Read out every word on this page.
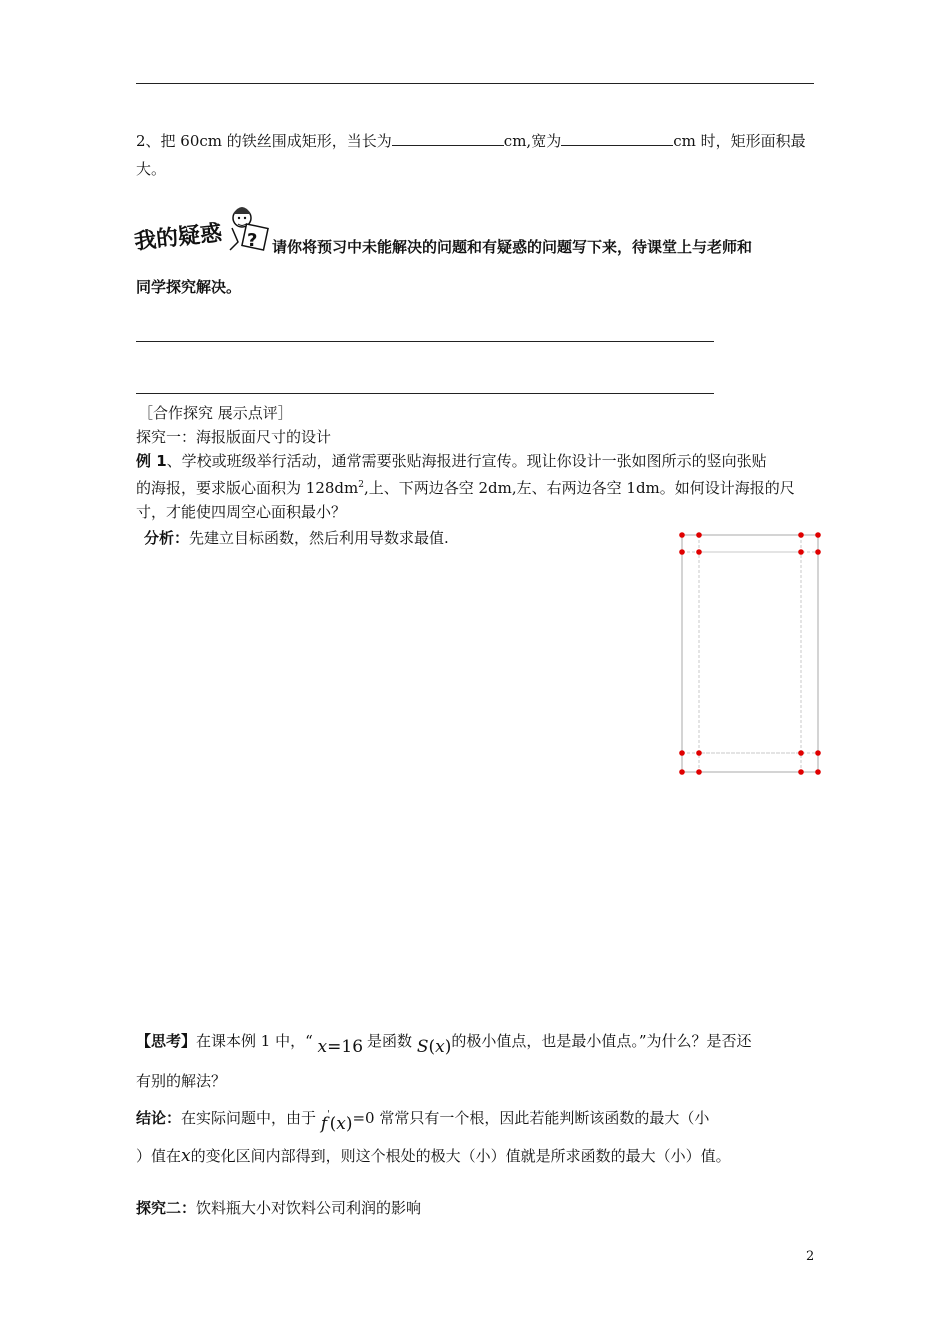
2、把 60cm 的铁丝围成矩形，当长为	cm,宽为	cm 时，矩形面积最
大。
我的疑惑 ? 请你将预习中未能解决的问题和有疑惑的问题写下来，待课堂上与老师和
同学探究解决。
［合作探究 展示点评］
探究一：海报版面尺寸的设计
例 1、学校或班级举行活动，通常需要张贴海报进行宣传。现让你设计一张如图所示的竖向张贴
的海报，要求版心面积为 $128dm^2$,上、下两边各空 2dm,左、右两边各空 1dm。如何设计海报的尺
寸，才能使四周空心面积最小？
分析：先建立目标函数，然后利用导数求最值.
【思考】在课本例 1 中，“ x=16 是函数 S(x)的极小值点，也是最小值点。”为什么？是否还
有别的解法？
结论：在实际问题中，由于 f'(x)=0 常常只有一个根，因此若能判断该函数的最大（小
）值在x的变化区间内部得到，则这个根处的极大（小）值就是所求函数的最大（小）值。
探究二：饮料瓶大小对饮料公司利润的影响
2
